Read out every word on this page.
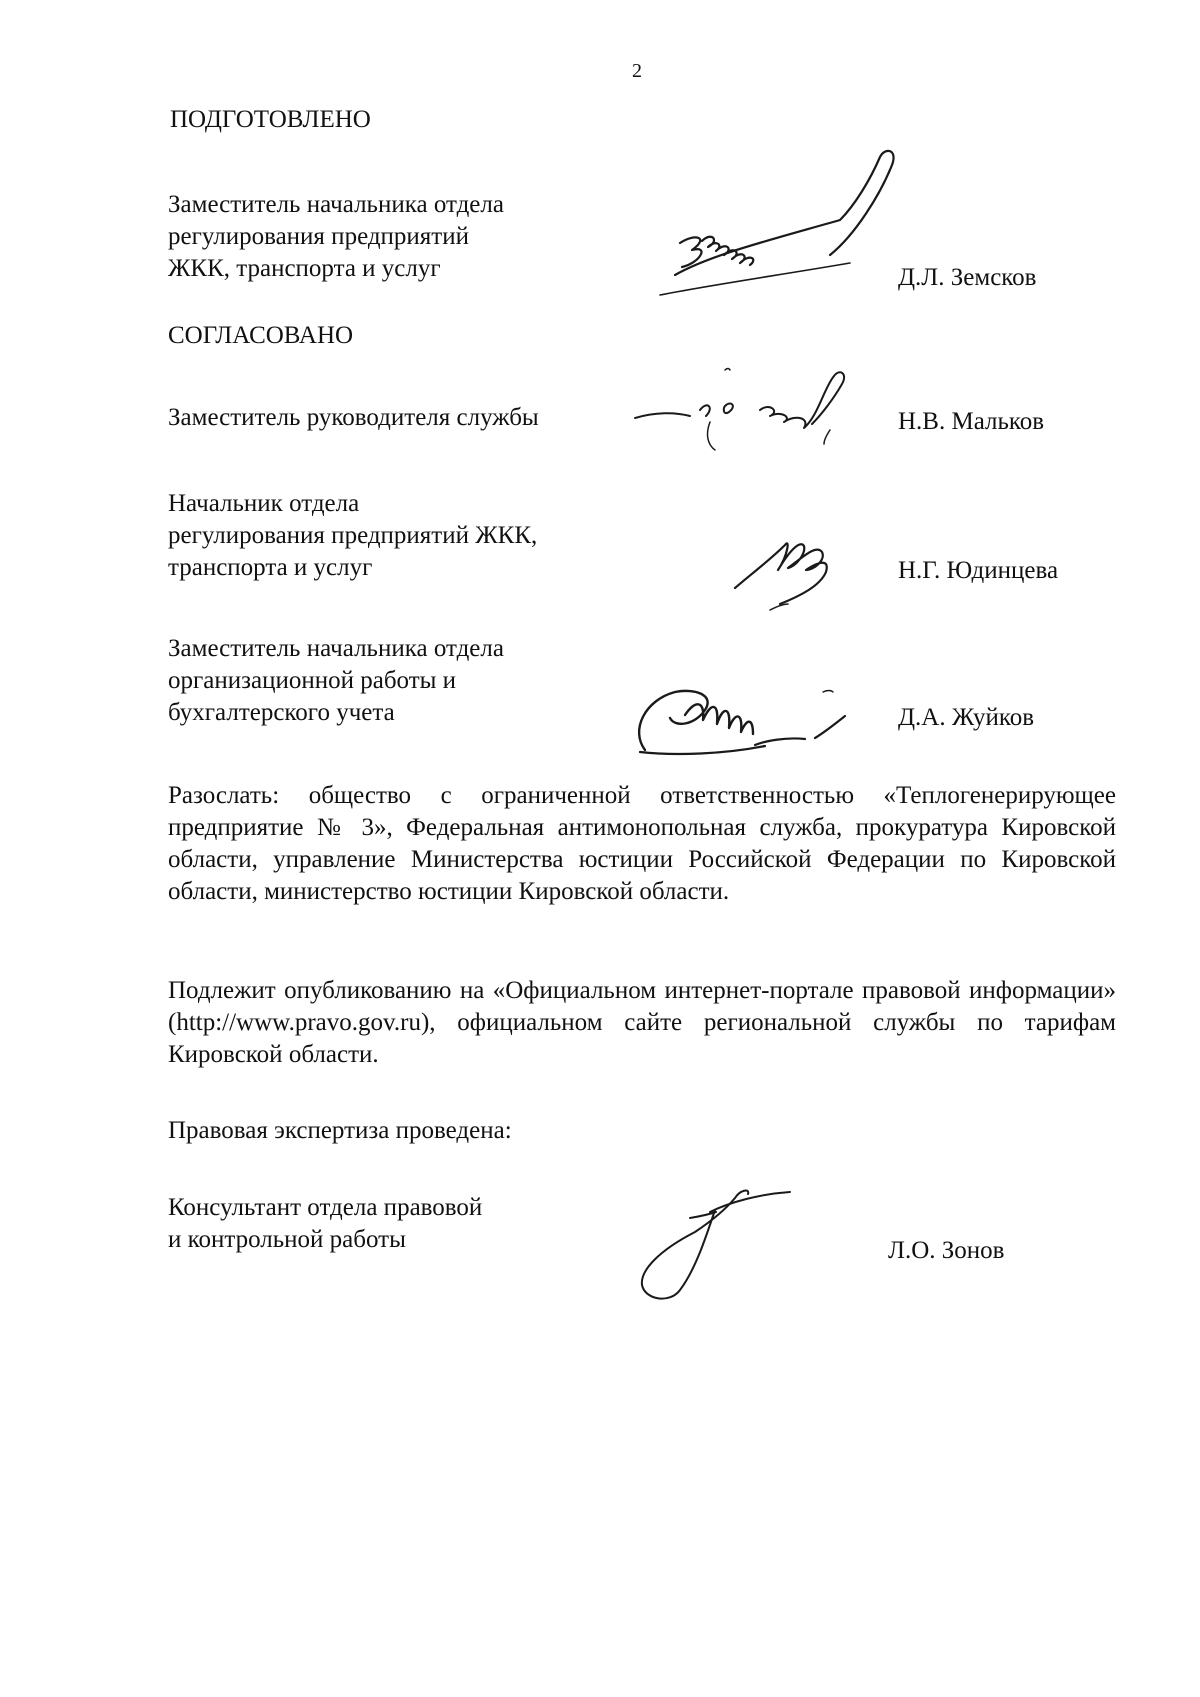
2
ПОДГОТОВЛЕНО
Заместитель начальника отдела
регулирования предприятий
ЖКК, транспорта и услуг	Д.Л. Земсков
СОГЛАСОВАНО
Заместитель руководителя службы	Н.В. Мальков
Начальник отдела
регулирования предприятий ЖКК,
транспорта и услуг	Н.Г. Юдинцева
Заместитель начальника отдела
организационной работы и
бухгалтерского учета	Д.А. Жуйков
Разослать: общество с ограниченной ответственностью «Теплогенерирующее предприятие № 3», Федеральная антимонопольная служба, прокуратура Кировской области, управление Министерства юстиции Российской Федерации по Кировской области, министерство юстиции Кировской области.
Подлежит опубликованию на «Официальном интернет-портале правовой информации» (http://www.pravo.gov.ru), официальном сайте региональной службы по тарифам Кировской области.
Правовая экспертиза проведена:
Консультант отдела правовой
и контрольной работы	Л.О. Зонов
